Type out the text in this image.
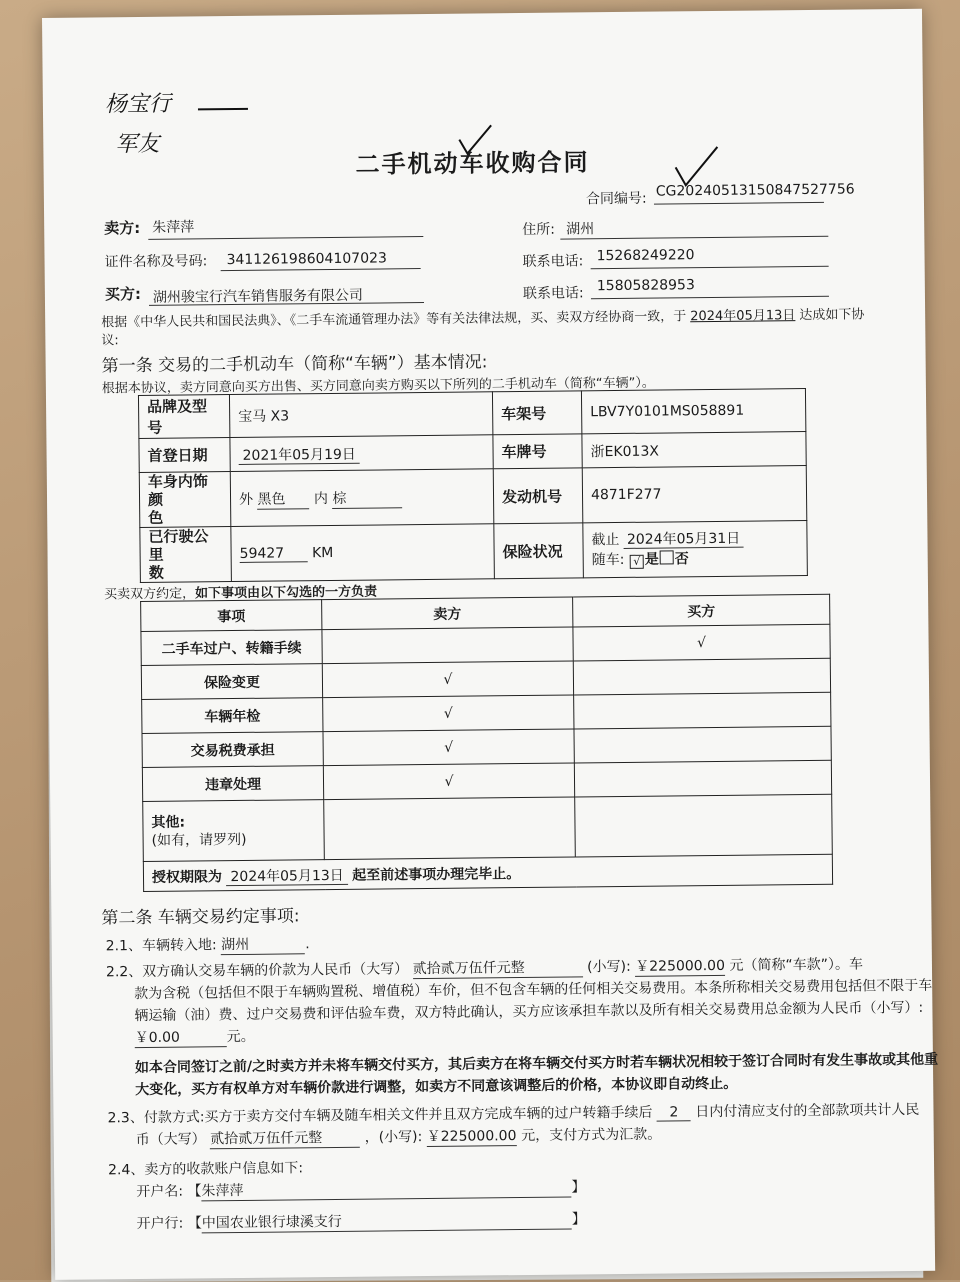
杨宝行
军友
二手机动车收购合同
合同编号: CG20240513150847527756
卖方: 朱萍萍	住所: 湖州
证件名称及号码: 341126198604107023	联系电话: 15268249220
买方: 湖州骏宝行汽车销售服务有限公司	联系电话: 15805828953
根据《中华人民共和国民法典》、《二手车流通管理办法》等有关法律法规，买、卖双方经协商一致，于 2024年05月13日 达成如下协
议:
第一条 交易的二手机动车（简称“车辆”）基本情况:
根据本协议，卖方同意向买方出售、买方同意向卖方购买以下所列的二手机动车（简称“车辆”）。
品牌及型号	宝马 X3	车架号	LBV7Y0101MS058891
首登日期	2021年05月19日	车牌号	浙EK013X
车身内饰颜
色	外 黑色 内 棕	发动机号	4871F277
已行驶公里
数	59427 KM	保险状况	截止 2024年05月31日
随车: √ 是 否
买卖双方约定，如下事项由以下勾选的一方负责
事项	卖方	买方
二手车过户、转籍手续		√
保险变更	√	
车辆年检	√	
交易税费承担	√	
违章处理	√	
其他:
(如有，请罗列)		
授权期限为 2024年05月13日 起至前述事项办理完毕止。		
第二条 车辆交易约定事项:
2.1、车辆转入地: 湖州	.
2.2、双方确认交易车辆的价款为人民币（大写） 贰拾贰万伍仟元整	(小写): ￥225000.00 元（简称“车款”）。车
款为含税（包括但不限于车辆购置税、增值税）车价，但不包含车辆的任何相关交易费用。本条所称相关交易费用包括但不限于车
辆运输（油）费、过户交易费和评估验车费，双方特此确认，买方应该承担车款以及所有相关交易费用总金额为人民币（小写）:
￥0.00	元。
如本合同签订之前/之时卖方并未将车辆交付买方，其后卖方在将车辆交付买方时若车辆状况相较于签订合同时有发生事故或其他重
大变化，买方有权单方对车辆价款进行调整，如卖方不同意该调整后的价格，本协议即自动终止。
2.3、付款方式:买方于卖方交付车辆及随车相关文件并且双方完成车辆的过户转籍手续后 2 日内付清应支付的全部款项共计人民
币（大写） 贰拾贰万伍仟元整	，(小写): ￥225000.00 元，支付方式为汇款。
2.4、卖方的收款账户信息如下:
开户名: 【朱萍萍	】
开户行: 【中国农业银行埭溪支行	】
